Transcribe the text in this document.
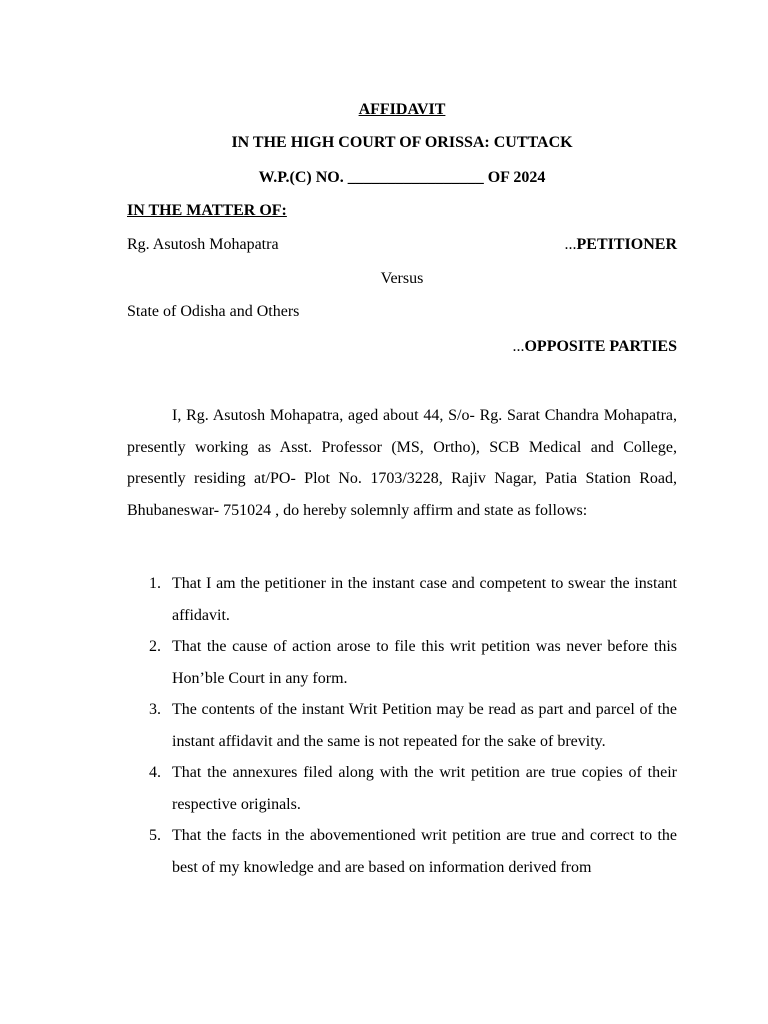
AFFIDAVIT
IN THE HIGH COURT OF ORISSA: CUTTACK
W.P.(C) NO. _________________ OF 2024
IN THE MATTER OF:
Rg. Asutosh Mohapatra	...PETITIONER
Versus
State of Odisha and Others
...OPPOSITE PARTIES

I, Rg. Asutosh Mohapatra, aged about 44, S/o- Rg. Sarat Chandra Mohapatra, presently working as Asst. Professor (MS, Ortho), SCB Medical and College, presently residing at/PO- Plot No. 1703/3228, Rajiv Nagar, Patia Station Road, Bhubaneswar- 751024 , do hereby solemnly affirm and state as follows:

1. That I am the petitioner in the instant case and competent to swear the instant affidavit.
2. That the cause of action arose to file this writ petition was never before this Hon’ble Court in any form.
3. The contents of the instant Writ Petition may be read as part and parcel of the instant affidavit and the same is not repeated for the sake of brevity.
4. That the annexures filed along with the writ petition are true copies of their respective originals.
5. That the facts in the abovementioned writ petition are true and correct to the best of my knowledge and are based on information derived from
